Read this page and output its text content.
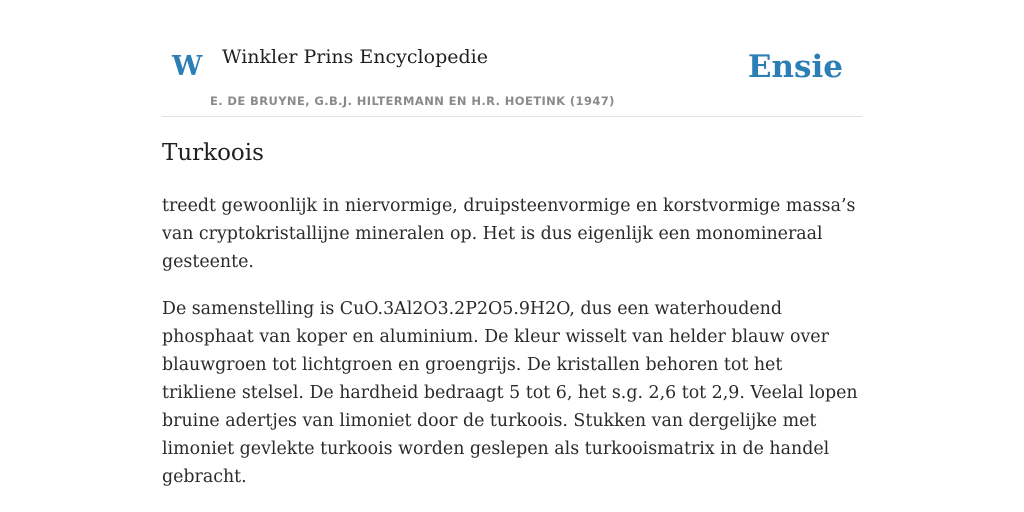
W Winkler Prins Encyclopedie
E. DE BRUYNE, G.B.J. HILTERMANN EN H.R. HOETINK (1947)
Ensie
Turkoois

treedt gewoonlijk in niervormige, druipsteenvormige en korstvormige massa’s van cryptokristallijne mineralen op. Het is dus eigenlijk een monomineraal gesteente.

De samenstelling is CuO.3Al2O3.2P2O5.9H2O, dus een waterhoudend phosphaat van koper en aluminium. De kleur wisselt van helder blauw over blauwgroen tot lichtgroen en groengrijs. De kristallen behoren tot het trikliene stelsel. De hardheid bedraagt 5 tot 6, het s.g. 2,6 tot 2,9. Veelal lopen bruine adertjes van limoniet door de turkoois. Stukken van dergelijke met limoniet gevlekte turkoois worden geslepen als turkooismatrix in de handel gebracht.
